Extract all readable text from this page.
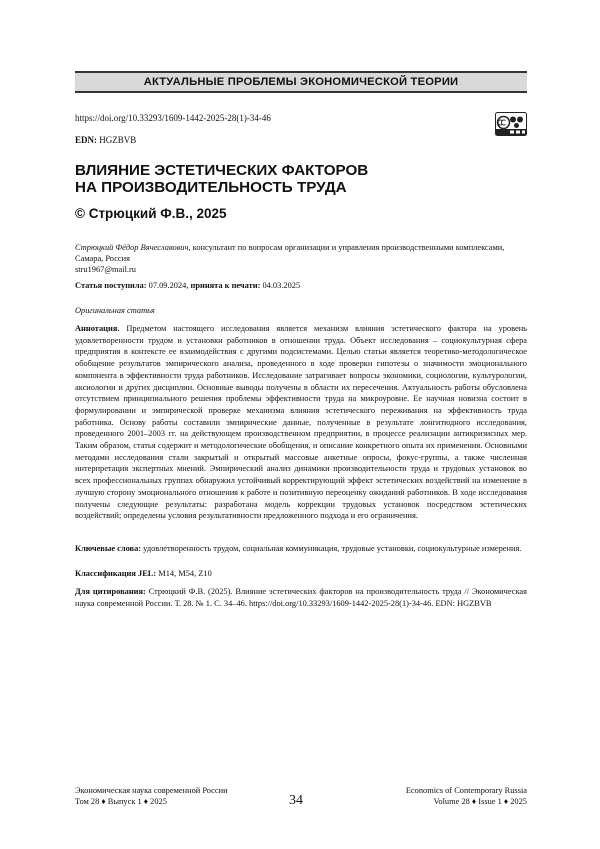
АКТУАЛЬНЫЕ ПРОБЛЕМЫ ЭКОНОМИЧЕСКОЙ ТЕОРИИ
https://doi.org/10.33293/1609-1442-2025-28(1)-34-46
EDN: HGZBVB
ВЛИЯНИЕ ЭСТЕТИЧЕСКИХ ФАКТОРОВ
НА ПРОИЗВОДИТЕЛЬНОСТЬ ТРУДА
© Стрюцкий Ф.В., 2025
Стрюцкий Фёдор Вячеславович, консультант по вопросам организации и управления производственными комплексами,
Самара, Россия
stru1967@mail.ru
Статья поступила: 07.09.2024, принята к печати: 04.03.2025
Оригинальная статья
Аннотация. Предметом настоящего исследования является механизм влияния эстетического фактора на уровень удовлетворенности трудом и установки работников в отношении труда. Объект исследования – социокультурная сфера предприятия в контексте ее взаимодействия с другими подсистемами. Целью статьи является теоретико-методологическое обобщение результатов эмпирического анализа, проведенного в ходе проверки гипотезы о значимости эмоционального компонента в эффективности труда работников. Исследование затрагивает вопросы экономики, социологии, культурологии, аксиологии и других дисциплин. Основные выводы получены в области их пересечения. Актуальность работы обусловлена отсутствием принципиального решения проблемы эффективности труда на микроуровне. Ее научная новизна состоит в формулировании и эмпирической проверке механизма влияния эстетического переживания на эффективность труда работника. Основу работы составили эмпирические данные, полученные в результате лонгитюдного исследования, проведенного 2001–2003 гг. на действующем производственном предприятии, в процессе реализации антикризисных мер. Таким образом, статья содержит и методологические обобщения, и описание конкретного опыта их применения. Основными методами исследования стали закрытый и открытый массовые анкетные опросы, фокус-группы, а также численная интерпретация экспертных мнений. Эмпирический анализ динамики производительности труда и трудовых установок во всех профессиональных группах обнаружил устойчивый корректирующий эффект эстетических воздействий на изменение в лучшую сторону эмоционального отношения к работе и позитивную переоценку ожиданий работников. В ходе исследования получены следующие результаты: разработана модель коррекции трудовых установок посредством эстетических воздействий; определены условия результативности предложенного подхода и его ограничения.
Ключевые слова: удовлетворенность трудом, социальная коммуникация, трудовые установки, социокультурные измерения.
Классификация JEL: M14, M54, Z10
Для цитирования: Стрюцкий Ф.В. (2025). Влияние эстетических факторов на производительность труда // Экономическая наука современной России. Т. 28. № 1. С. 34–46. https://doi.org/10.33293/1609-1442-2025-28(1)-34-46. EDN: HGZBVB
Экономическая наука современной России
Том 28 ♦ Выпуск 1 ♦ 2025	34
Economics of Contemporary Russia
Volume 28 ♦ Issue 1 ♦ 2025
